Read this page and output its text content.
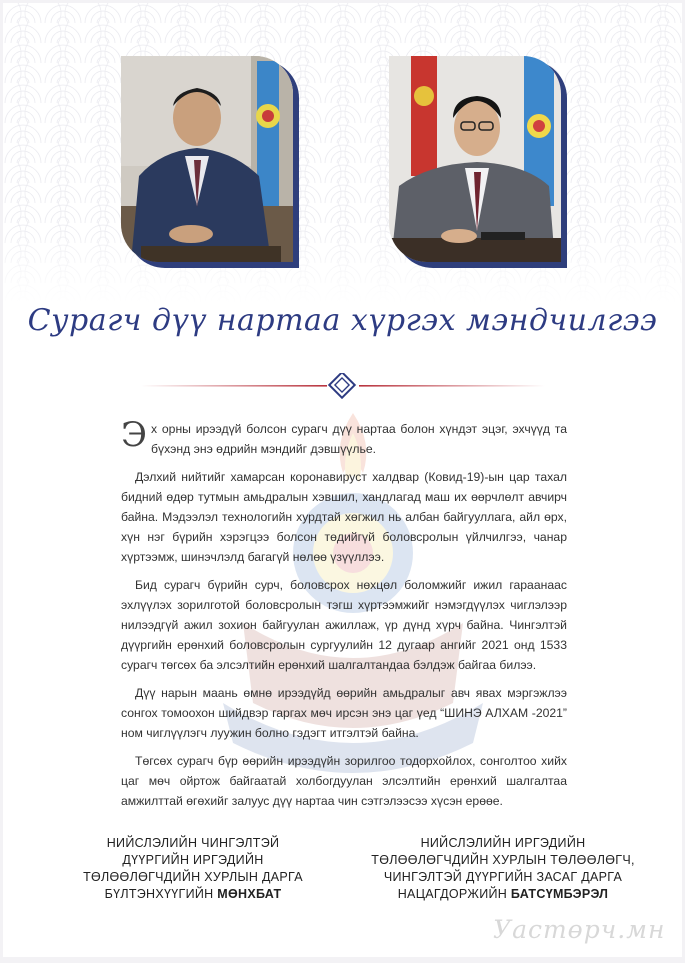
Сурагч дүү нартаа хүргэх мэндчилгээ

Эх орны ирээдүй болсон сурагч дүү нартаа болон хүндэт эцэг, эхчүүд та бүхэнд энэ өдрийн мэндийг дэвшүүлье.

Дэлхий нийтийг хамарсан коронавируст халдвар (Ковид-19)-ын цар тахал бидний өдөр тутмын амьдралын хэвшил, хандлагад маш их өөрчлөлт авчирч байна. Мэдээлэл технологийн хурдтай хөгжил нь албан байгууллага, айл өрх, хүн нэг бүрийн хэрэгцээ болсон төдийгүй боловсролын үйлчилгээ, чанар хүртээмж, шинэчлэлд багагүй нөлөө үзүүллээ.

Бид сурагч бүрийн сурч, боловсрох нөхцөл боломжийг ижил гараанаас эхлүүлэх зорилготой боловсролын тэгш хүртээмжийг нэмэгдүүлэх чиглэлээр нилээдгүй ажил зохион байгуулан ажиллаж, үр дүнд хүрч байна. Чингэлтэй дүүргийн ерөнхий боловсролын сургуулийн 12 дугаар ангийг 2021 онд 1533 сурагч төгсөх ба элсэлтийн ерөнхий шалгалтандаа бэлдэж байгаа билээ.

Дүү нарын маань өмнө ирээдүйд өөрийн амьдралыг авч явах мэргэжлээ сонгох томоохон шийдвэр гаргах мөч ирсэн энэ цаг үед “ШИНЭ АЛХАМ -2021” ном чиглүүлэгч луужин болно гэдэгт итгэлтэй байна.

Төгсөх сурагч бүр өөрийн ирээдүйн зорилгоо тодорхойлох, сонголтоо хийх цаг мөч ойртож байгаатай холбогдуулан элсэлтийн ерөнхий шалгалтаа амжилттай өгөхийг залуус дүү нартаа чин сэтгэлээсээ хүсэн ерөөе.

НИЙСЛЭЛИЙН ЧИНГЭЛТЭЙ
ДҮҮРГИЙН ИРГЭДИЙН
ТӨЛӨӨЛӨГЧДИЙН ХУРЛЫН ДАРГА
БҮЛТЭНХҮҮГИЙН МӨНХБАТ
НИЙСЛЭЛИЙН ИРГЭДИЙН
ТӨЛӨӨЛӨГЧДИЙН ХУРЛЫН ТӨЛӨӨЛӨГЧ,
ЧИНГЭЛТЭЙ ДҮҮРГИЙН ЗАСАГ ДАРГА
НАЦАГДОРЖИЙН БАТСҮМБЭРЭЛ
Уастөрч.мн
